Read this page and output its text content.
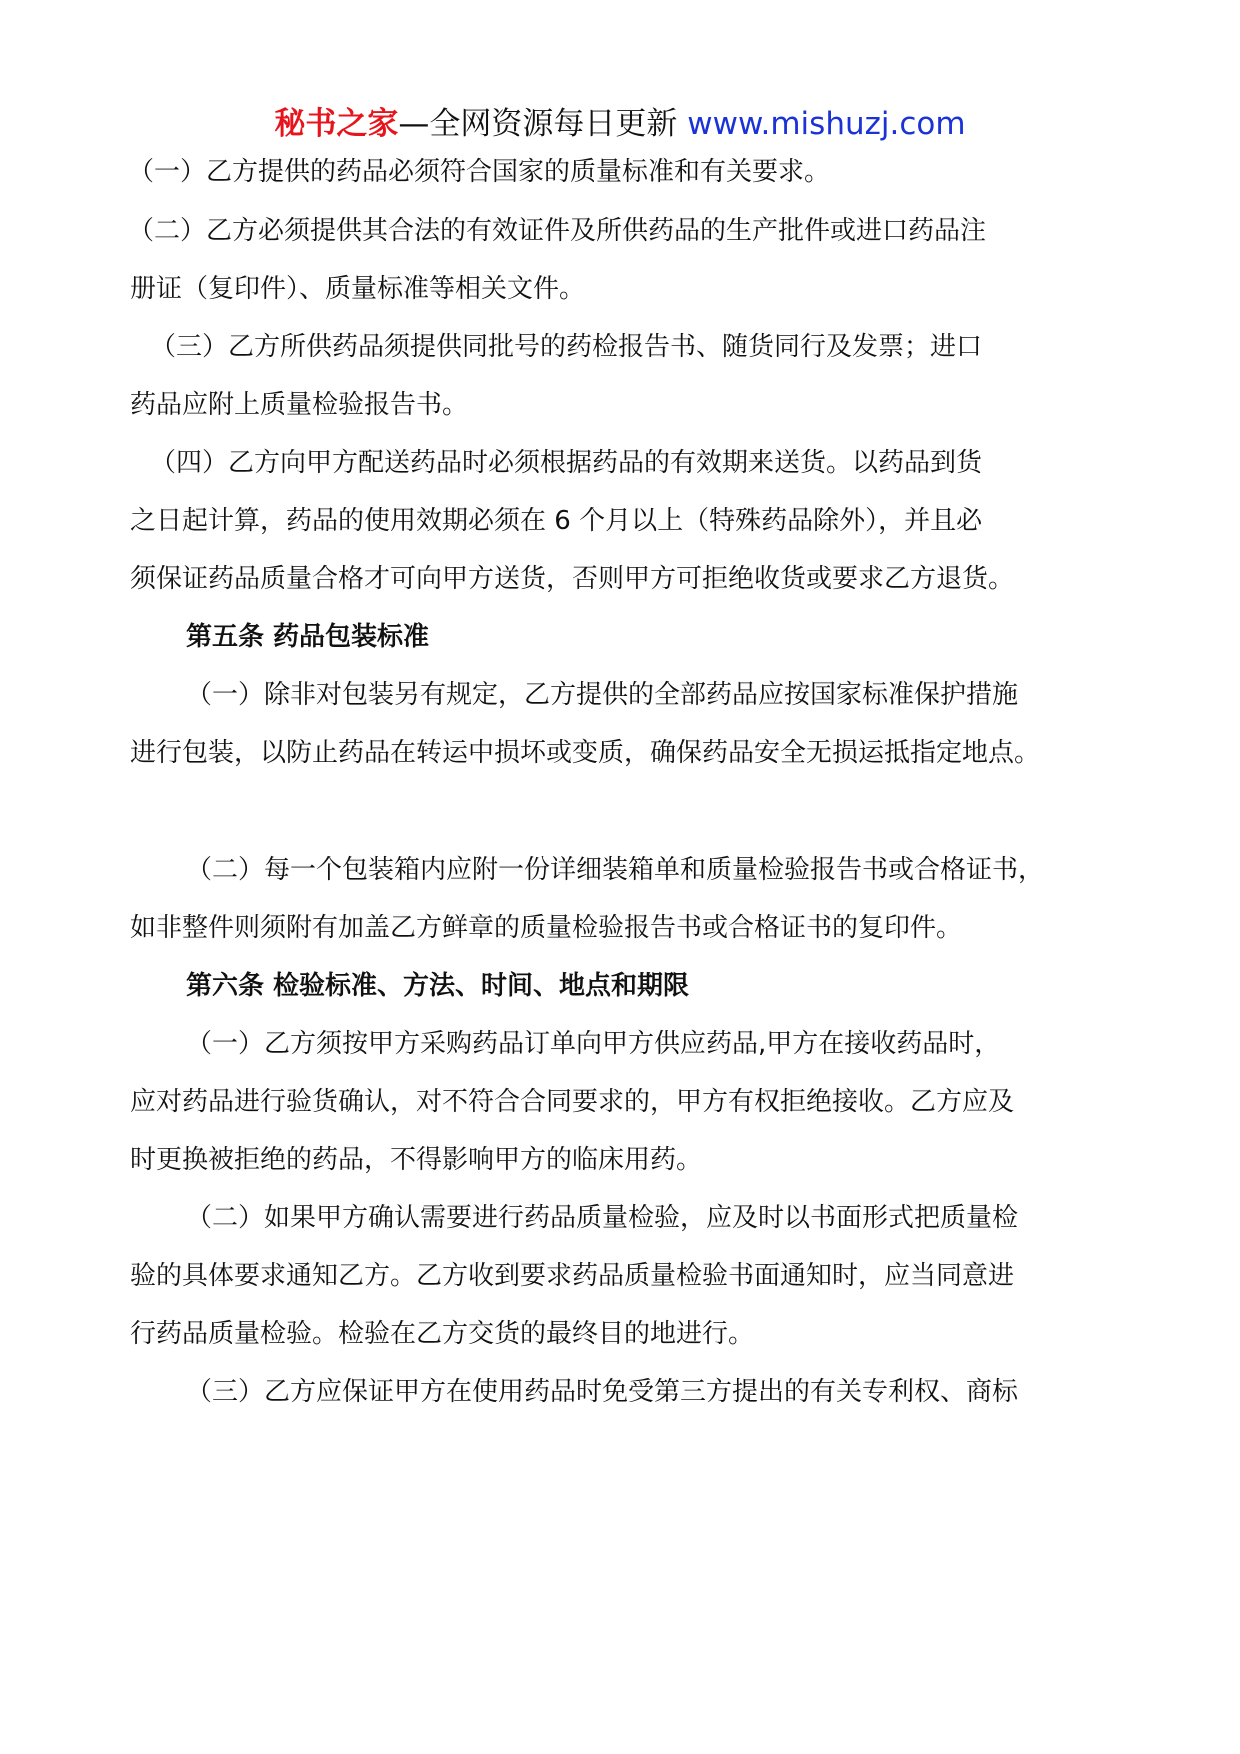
秘书之家—全网资源每日更新 www.mishuzj.com
（一）乙方提供的药品必须符合国家的质量标准和有关要求。
（二）乙方必须提供其合法的有效证件及所供药品的生产批件或进口药品注
册证（复印件）、质量标准等相关文件。
（三）乙方所供药品须提供同批号的药检报告书、随货同行及发票；进口
药品应附上质量检验报告书。
（四）乙方向甲方配送药品时必须根据药品的有效期来送货。以药品到货
之日起计算，药品的使用效期必须在 6 个月以上（特殊药品除外），并且必
须保证药品质量合格才可向甲方送货，否则甲方可拒绝收货或要求乙方退货。
第五条 药品包装标准
（一）除非对包装另有规定，乙方提供的全部药品应按国家标准保护措施
进行包装，以防止药品在转运中损坏或变质，确保药品安全无损运抵指定地点。
（二）每一个包装箱内应附一份详细装箱单和质量检验报告书或合格证书，
如非整件则须附有加盖乙方鲜章的质量检验报告书或合格证书的复印件。
第六条 检验标准、方法、时间、地点和期限
（一）乙方须按甲方采购药品订单向甲方供应药品,甲方在接收药品时，
应对药品进行验货确认，对不符合合同要求的，甲方有权拒绝接收。乙方应及
时更换被拒绝的药品，不得影响甲方的临床用药。
（二）如果甲方确认需要进行药品质量检验，应及时以书面形式把质量检
验的具体要求通知乙方。乙方收到要求药品质量检验书面通知时，应当同意进
行药品质量检验。检验在乙方交货的最终目的地进行。
（三）乙方应保证甲方在使用药品时免受第三方提出的有关专利权、商标
